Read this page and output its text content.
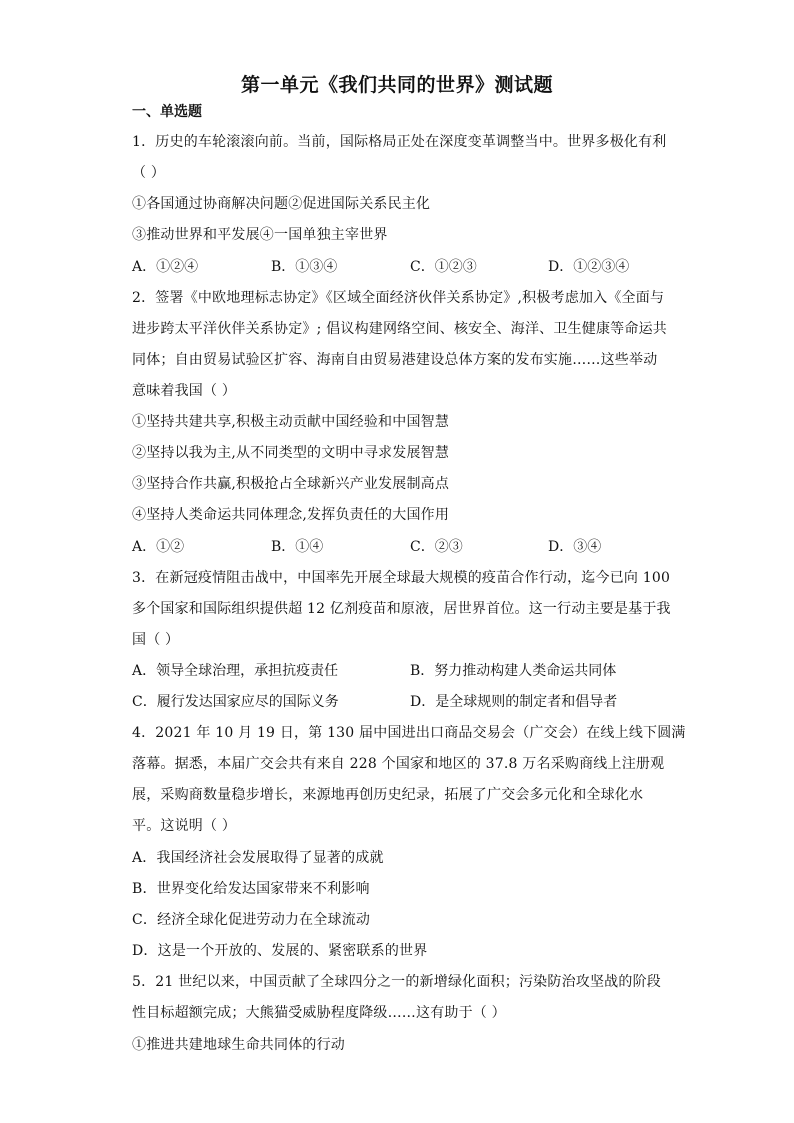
第一单元《我们共同的世界》测试题
一、单选题
1．历史的车轮滚滚向前。当前，国际格局正处在深度变革调整当中。世界多极化有利
（ ）
①各国通过协商解决问题②促进国际关系民主化
③推动世界和平发展④一国单独主宰世界
A．①②④	B．①③④	C．①②③	D．①②③④
2．签署《中欧地理标志协定》《区域全面经济伙伴关系协定》,积极考虑加入《全面与
进步跨太平洋伙伴关系协定》; 倡议构建网络空间、核安全、海洋、卫生健康等命运共
同体；自由贸易试验区扩容、海南自由贸易港建设总体方案的发布实施……这些举动
意味着我国（ ）
①坚持共建共享,积极主动贡献中国经验和中国智慧
②坚持以我为主,从不同类型的文明中寻求发展智慧
③坚持合作共赢,积极抢占全球新兴产业发展制高点
④坚持人类命运共同体理念,发挥负责任的大国作用
A．①②	B．①④	C．②③	D．③④
3．在新冠疫情阻击战中，中国率先开展全球最大规模的疫苗合作行动，迄今已向 100
多个国家和国际组织提供超 12 亿剂疫苗和原液，居世界首位。这一行动主要是基于我
国（ ）
A．领导全球治理，承担抗疫责任	B．努力推动构建人类命运共同体
C．履行发达国家应尽的国际义务	D．是全球规则的制定者和倡导者
4．2021 年 10 月 19 日，第 130 届中国进出口商品交易会（广交会）在线上线下圆满
落幕。据悉，本届广交会共有来自 228 个国家和地区的 37.8 万名采购商线上注册观
展，采购商数量稳步增长，来源地再创历史纪录，拓展了广交会多元化和全球化水
平。这说明（ ）
A．我国经济社会发展取得了显著的成就
B．世界变化给发达国家带来不利影响
C．经济全球化促进劳动力在全球流动
D．这是一个开放的、发展的、紧密联系的世界
5．21 世纪以来，中国贡献了全球四分之一的新增绿化面积；污染防治攻坚战的阶段
性目标超额完成；大熊猫受威胁程度降级……这有助于（ ）
①推进共建地球生命共同体的行动
